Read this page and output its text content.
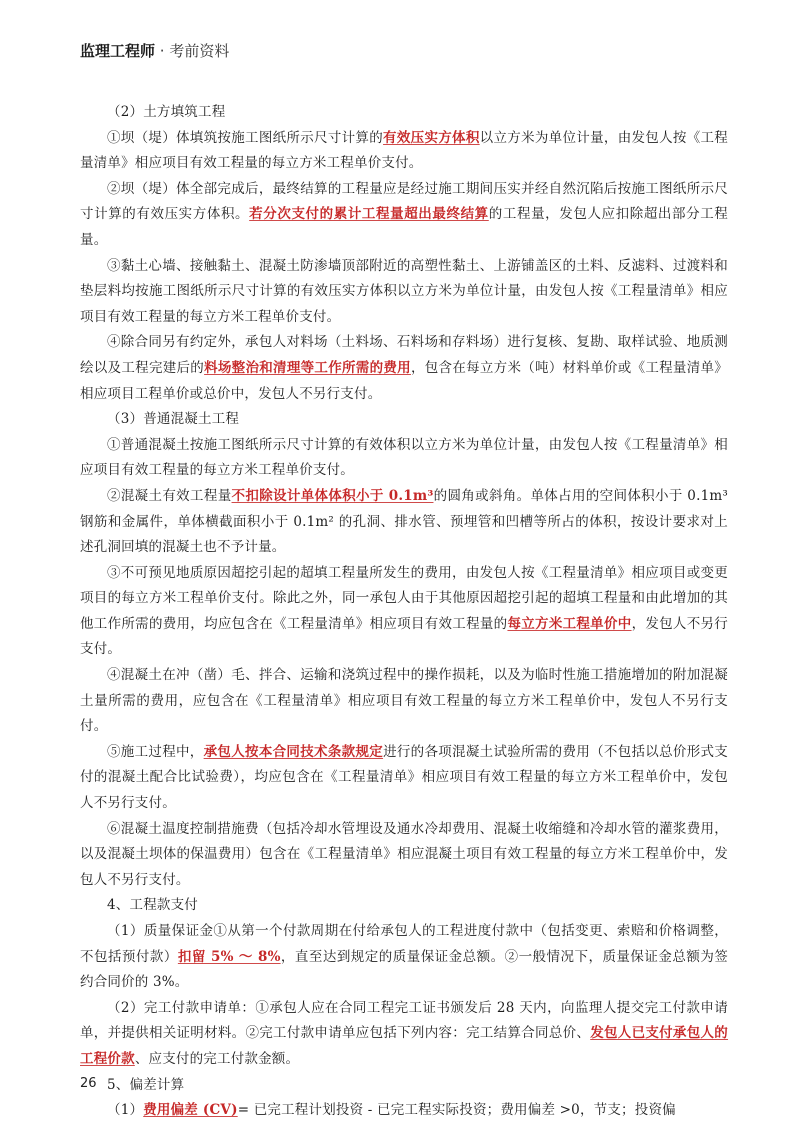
监理工程师 · 考前资料

（2）土方填筑工程

①坝（堤）体填筑按施工图纸所示尺寸计算的有效压实方体积以立方米为单位计量，由发包人按《工程量清单》相应项目有效工程量的每立方米工程单价支付。

②坝（堤）体全部完成后，最终结算的工程量应是经过施工期间压实并经自然沉陷后按施工图纸所示尺寸计算的有效压实方体积。若分次支付的累计工程量超出最终结算的工程量，发包人应扣除超出部分工程量。

③黏土心墙、接触黏土、混凝土防渗墙顶部附近的高塑性黏土、上游铺盖区的土料、反滤料、过渡料和垫层料均按施工图纸所示尺寸计算的有效压实方体积以立方米为单位计量，由发包人按《工程量清单》相应项目有效工程量的每立方米工程单价支付。

④除合同另有约定外，承包人对料场（土料场、石料场和存料场）进行复核、复勘、取样试验、地质测绘以及工程完建后的料场整治和清理等工作所需的费用，包含在每立方米（吨）材料单价或《工程量清单》相应项目工程单价或总价中，发包人不另行支付。

（3）普通混凝土工程

①普通混凝土按施工图纸所示尺寸计算的有效体积以立方米为单位计量，由发包人按《工程量清单》相应项目有效工程量的每立方米工程单价支付。

②混凝土有效工程量不扣除设计单体体积小于 0.1m³的圆角或斜角。单体占用的空间体积小于 0.1m³ 钢筋和金属件，单体横截面积小于 0.1m² 的孔洞、排水管、预埋管和凹槽等所占的体积，按设计要求对上述孔洞回填的混凝土也不予计量。

③不可预见地质原因超挖引起的超填工程量所发生的费用，由发包人按《工程量清单》相应项目或变更项目的每立方米工程单价支付。除此之外，同一承包人由于其他原因超挖引起的超填工程量和由此增加的其他工作所需的费用，均应包含在《工程量清单》相应项目有效工程量的每立方米工程单价中，发包人不另行支付。

④混凝土在冲（凿）毛、拌合、运输和浇筑过程中的操作损耗，以及为临时性施工措施增加的附加混凝土量所需的费用，应包含在《工程量清单》相应项目有效工程量的每立方米工程单价中，发包人不另行支付。

⑤施工过程中，承包人按本合同技术条款规定进行的各项混凝土试验所需的费用（不包括以总价形式支付的混凝土配合比试验费），均应包含在《工程量清单》相应项目有效工程量的每立方米工程单价中，发包人不另行支付。

⑥混凝土温度控制措施费（包括冷却水管埋设及通水冷却费用、混凝土收缩缝和冷却水管的灌浆费用，以及混凝土坝体的保温费用）包含在《工程量清单》相应混凝土项目有效工程量的每立方米工程单价中，发包人不另行支付。

4、工程款支付

（1）质量保证金①从第一个付款周期在付给承包人的工程进度付款中（包括变更、索赔和价格调整，不包括预付款）扣留 5% ～ 8%，直至达到规定的质量保证金总额。②一般情况下，质量保证金总额为签约合同价的 3%。

（2）完工付款申请单：①承包人应在合同工程完工证书颁发后 28 天内，向监理人提交完工付款申请单，并提供相关证明材料。②完工付款申请单应包括下列内容：完工结算合同总价、发包人已支付承包人的工程价款、应支付的完工付款金额。

5、偏差计算

（1）费用偏差 (CV)= 已完工程计划投资 - 已完工程实际投资；费用偏差 >0，节支；投资偏

26
